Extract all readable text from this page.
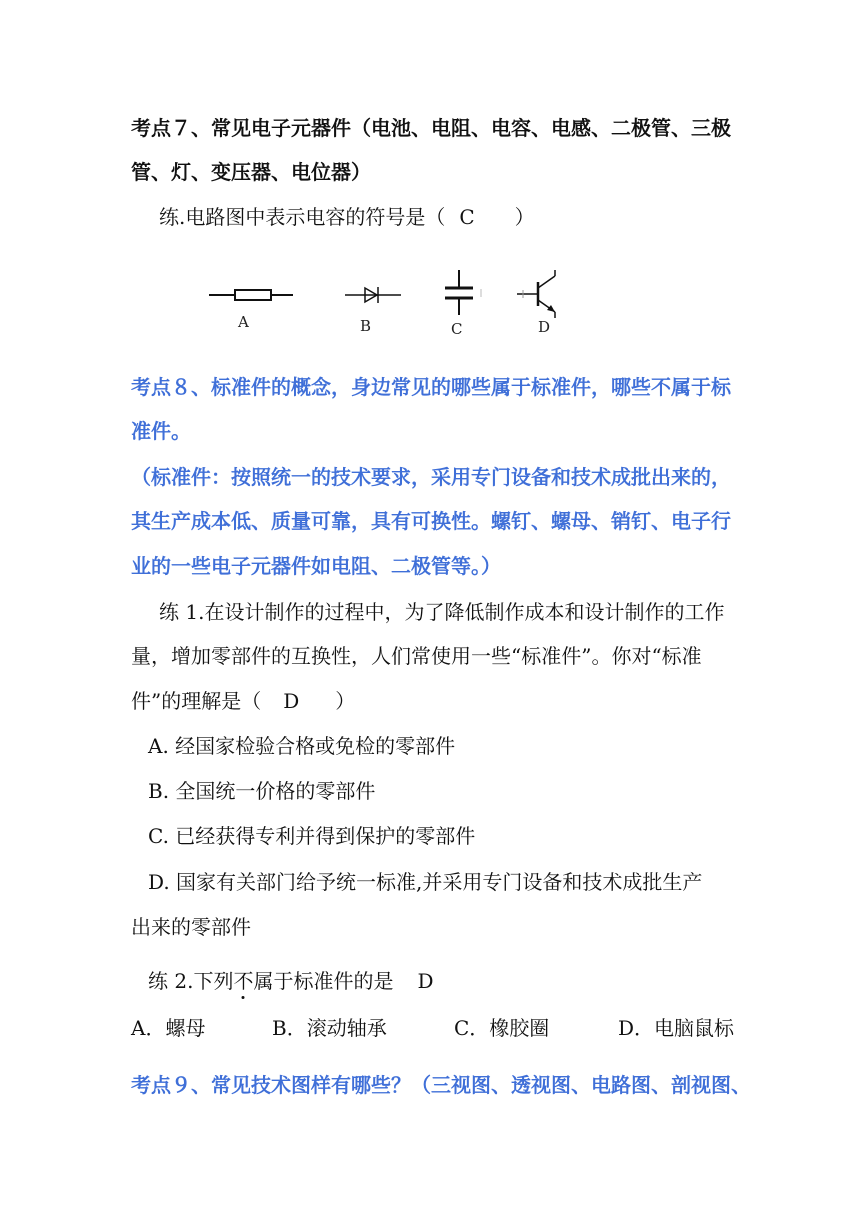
考点７、常见电子元器件（电池、电阻、电容、电感、二极管、三极
管、灯、变压器、电位器）
练.电路图中表示电容的符号是（ C ）
A	B	C	D
考点８、标准件的概念，身边常见的哪些属于标准件，哪些不属于标
准件。
（标准件：按照统一的技术要求，采用专门设备和技术成批出来的，
其生产成本低、质量可靠，具有可换性。螺钉、螺母、销钉、电子行
业的一些电子元器件如电阻、二极管等。）
练 1.在设计制作的过程中，为了降低制作成本和设计制作的工作
量，增加零部件的互换性，人们常使用一些“标准件”。你对“标准
件”的理解是（ D ）
A. 经国家检验合格或免检的零部件
B. 全国统一价格的零部件
C. 已经获得专利并得到保护的零部件
D. 国家有关部门给予统一标准,并采用专门设备和技术成批生产
出来的零部件
练 2.下列不属于标准件的是 D
A．螺母	B．滚动轴承	C．橡胶圈	D．电脑鼠标
考点９、常见技术图样有哪些？（三视图、透视图、电路图、剖视图、
